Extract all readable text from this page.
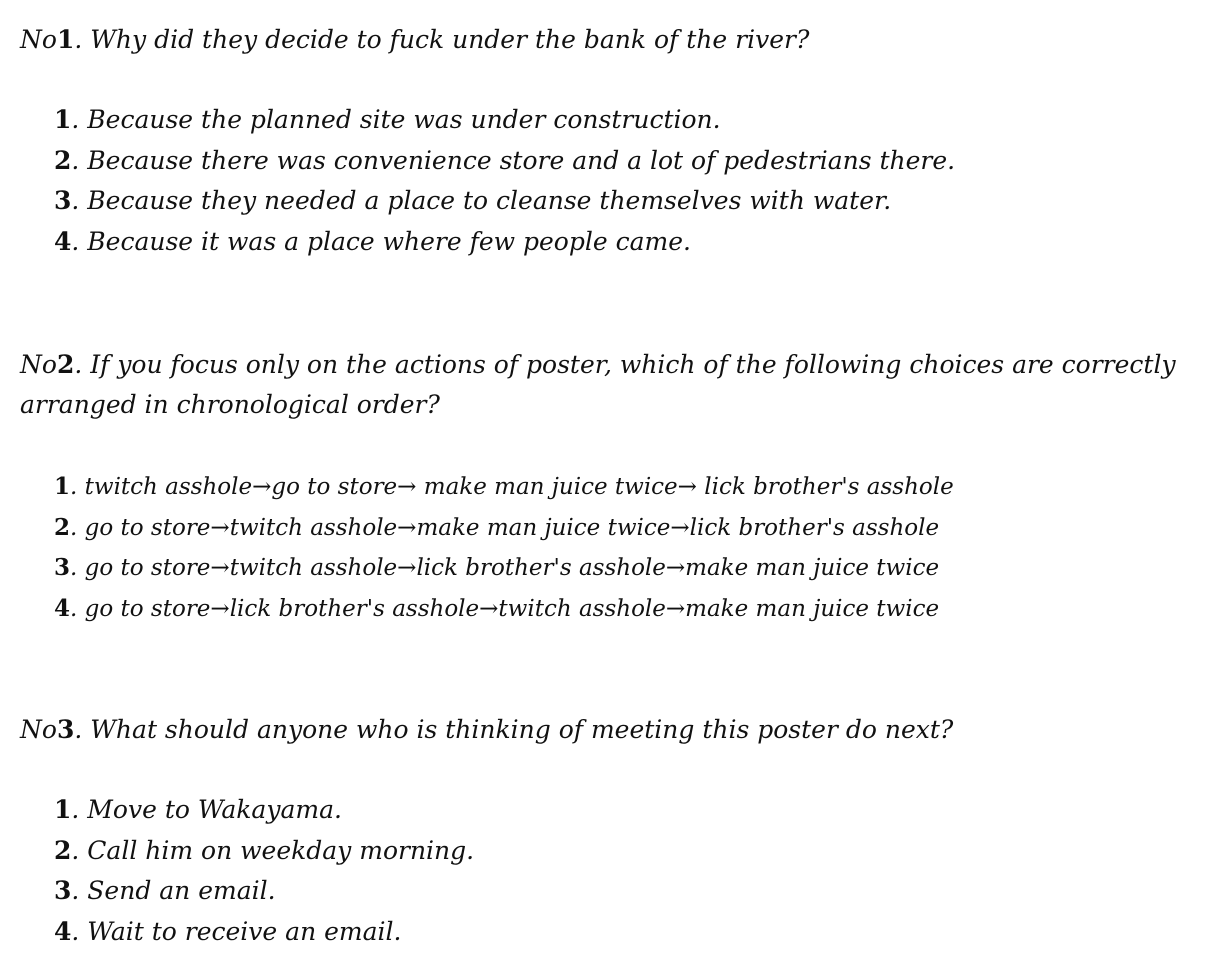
No1. Why did they decide to fuck under the bank of the river?

1. Because the planned site was under construction.
2. Because there was convenience store and a lot of pedestrians there.
3. Because they needed a place to cleanse themselves with water.
4. Because it was a place where few people came.

No2. If you focus only on the actions of poster, which of the following choices are correctly arranged in chronological order?

1. twitch asshole→go to store→ make man juice twice→ lick brother's asshole
2. go to store→twitch asshole→make man juice twice→lick brother's asshole
3. go to store→twitch asshole→lick brother's asshole→make man juice twice
4. go to store→lick brother's asshole→twitch asshole→make man juice twice

No3. What should anyone who is thinking of meeting this poster do next?

1. Move to Wakayama.
2. Call him on weekday morning.
3. Send an email.
4. Wait to receive an email.
